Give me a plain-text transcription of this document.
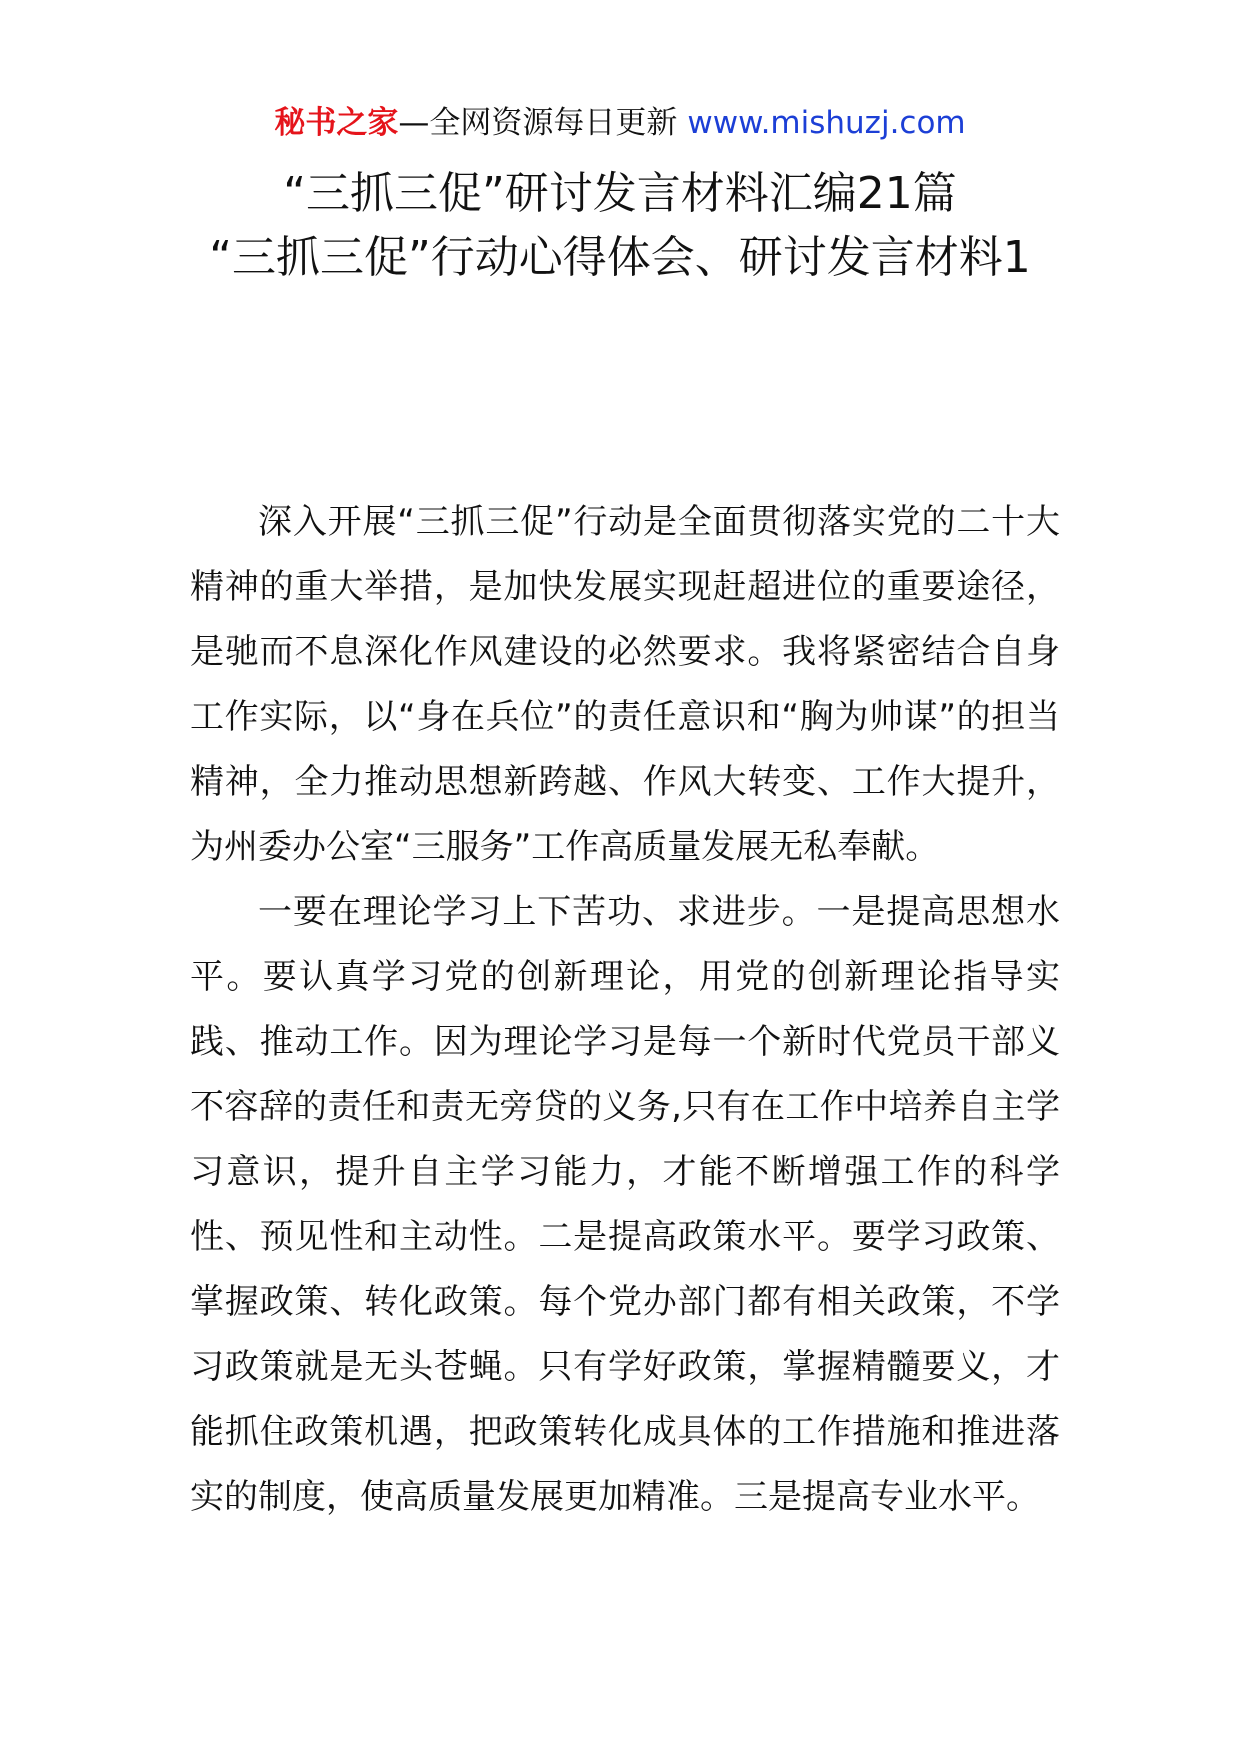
秘书之家—全网资源每日更新 www.mishuzj.com
“三抓三促”研讨发言材料汇编21篇
“三抓三促”行动心得体会、研讨发言材料1

深入开展“三抓三促”行动是全面贯彻落实党的二十大精神的重大举措，是加快发展实现赶超进位的重要途径，是驰而不息深化作风建设的必然要求。我将紧密结合自身工作实际，以“身在兵位”的责任意识和“胸为帅谋”的担当精神，全力推动思想新跨越、作风大转变、工作大提升，为州委办公室“三服务”工作高质量发展无私奉献。

一要在理论学习上下苦功、求进步。一是提高思想水平。要认真学习党的创新理论，用党的创新理论指导实践、推动工作。因为理论学习是每一个新时代党员干部义不容辞的责任和责无旁贷的义务,只有在工作中培养自主学习意识，提升自主学习能力，才能不断增强工作的科学性、预见性和主动性。二是提高政策水平。要学习政策、掌握政策、转化政策。每个党办部门都有相关政策，不学习政策就是无头苍蝇。只有学好政策，掌握精髓要义，才能抓住政策机遇，把政策转化成具体的工作措施和推进落实的制度，使高质量发展更加精准。三是提高专业水平。
